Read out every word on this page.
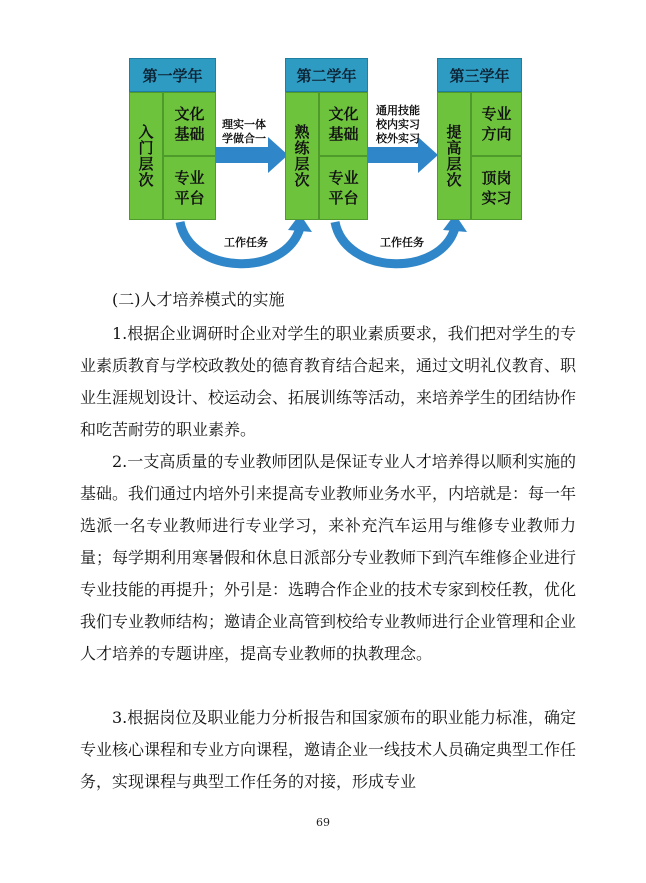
第一学年
入门层次
文化基础
专业平台
第二学年
熟练层次
文化基础
专业平台
第三学年
提高层次
专业方向
顶岗实习
理实一体
学做合一
通用技能
校内实习
校外实习
工作任务	工作任务

(二)人才培养模式的实施

1.根据企业调研时企业对学生的职业素质要求，我们把对学生的专业素质教育与学校政教处的德育教育结合起来，通过文明礼仪教育、职业生涯规划设计、校运动会、拓展训练等活动，来培养学生的团结协作和吃苦耐劳的职业素养。

2.一支高质量的专业教师团队是保证专业人才培养得以顺利实施的基础。我们通过内培外引来提高专业教师业务水平，内培就是：每一年选派一名专业教师进行专业学习，来补充汽车运用与维修专业教师力量；每学期利用寒暑假和休息日派部分专业教师下到汽车维修企业进行专业技能的再提升；外引是：选聘合作企业的技术专家到校任教，优化我们专业教师结构；邀请企业高管到校给专业教师进行企业管理和企业人才培养的专题讲座，提高专业教师的执教理念。

3.根据岗位及职业能力分析报告和国家颁布的职业能力标准，确定专业核心课程和专业方向课程，邀请企业一线技术人员确定典型工作任务，实现课程与典型工作任务的对接，形成专业

69
